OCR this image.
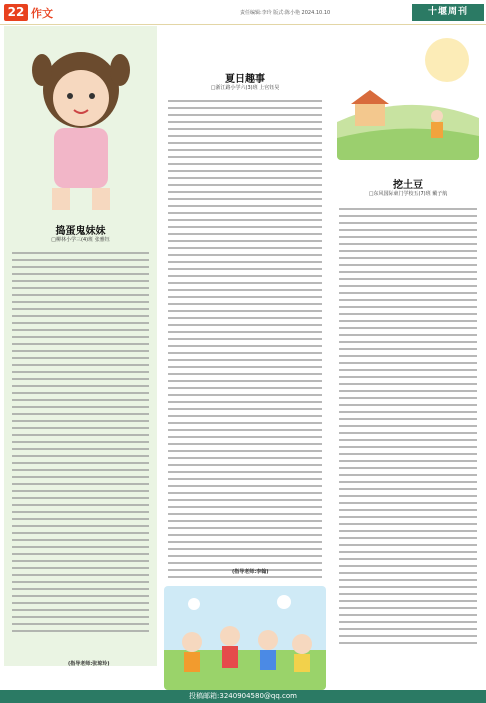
22 作文	责任编辑:李玲 版式:陈小艳 2024.10.10	十堰周刊
捣蛋鬼妹妹
□柳林小学三(4)班 张雅钰
(指导老师:张琼玲)
夏日趣事
□浙江路小学六(3)班 上官钰昊
(指导老师:李翰)
挖土豆
□东风国际東门学校五(7)班 戴子航
投稿邮箱:3240904580@qq.com
